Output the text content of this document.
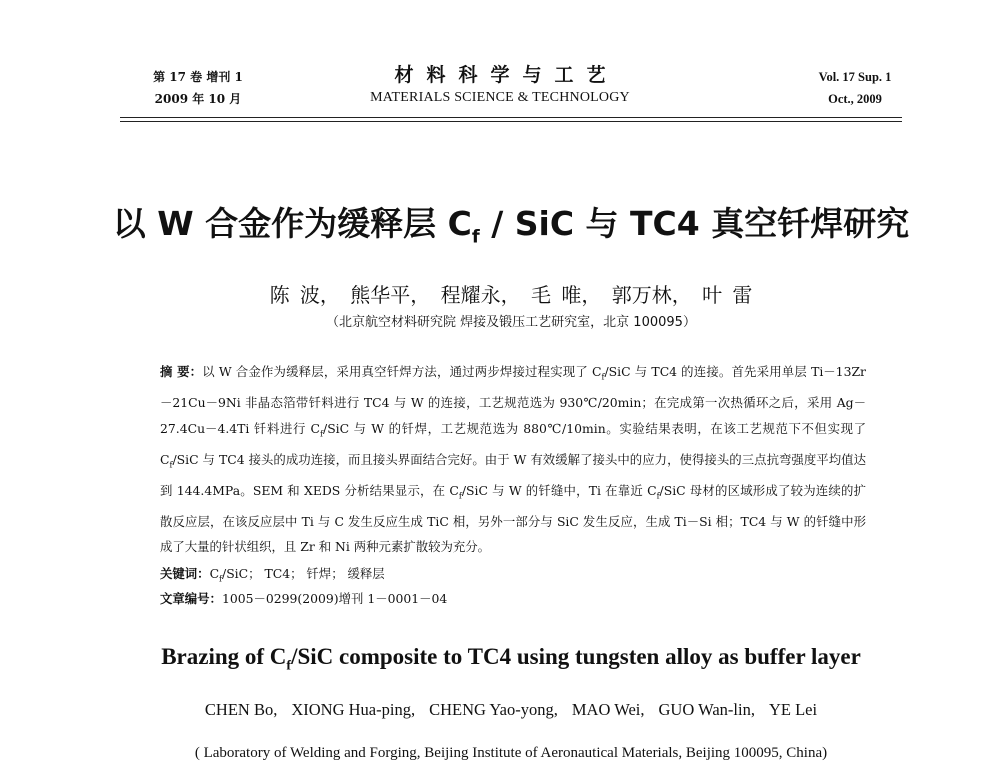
第 17 卷 增刊 1
2009 年 10 月
材料科学与工艺
MATERIALS SCIENCE & TECHNOLOGY
Vol. 17 Sup. 1
Oct., 2009
以 W 合金作为缓释层 $C_f$ / SiC 与 TC4 真空钎焊研究
陈 波， 熊华平， 程耀永， 毛 唯， 郭万林， 叶 雷
（北京航空材料研究院 焊接及锻压工艺研究室，北京 100095）
摘 要：以 W 合金作为缓释层，采用真空钎焊方法，通过两步焊接过程实现了 $C_f$/SiC 与 TC4 的连接。首先采用单层 Ti－13Zr－21Cu－9Ni 非晶态箔带钎料进行 TC4 与 W 的连接，工艺规范选为 930℃/20min；在完成第一次热循环之后，采用 Ag－27.4Cu－4.4Ti 钎料进行 $C_f$/SiC 与 W 的钎焊，工艺规范选为 880℃/10min。实验结果表明，在该工艺规范下不但实现了 $C_f$/SiC 与 TC4 接头的成功连接，而且接头界面结合完好。由于 W 有效缓解了接头中的应力，使得接头的三点抗弯强度平均值达到 144.4MPa。SEM 和 XEDS 分析结果显示，在 $C_f$/SiC 与 W 的钎缝中，Ti 在靠近 $C_f$/SiC 母材的区域形成了较为连续的扩散反应层，在该反应层中 Ti 与 C 发生反应生成 TiC 相，另外一部分与 SiC 发生反应，生成 Ti－Si 相；TC4 与 W 的钎缝中形成了大量的针状组织，且 Zr 和 Ni 两种元素扩散较为充分。
关键词：$C_f$/SiC； TC4； 钎焊； 缓释层
文章编号：1005－0299(2009)增刊 1－0001－04
Brazing of $C_f$/SiC composite to TC4 using tungsten alloy as buffer layer
CHEN Bo, XIONG Hua-ping, CHENG Yao-yong, MAO Wei, GUO Wan-lin, YE Lei
( Laboratory of Welding and Forging, Beijing Institute of Aeronautical Materials, Beijing 100095, China)
